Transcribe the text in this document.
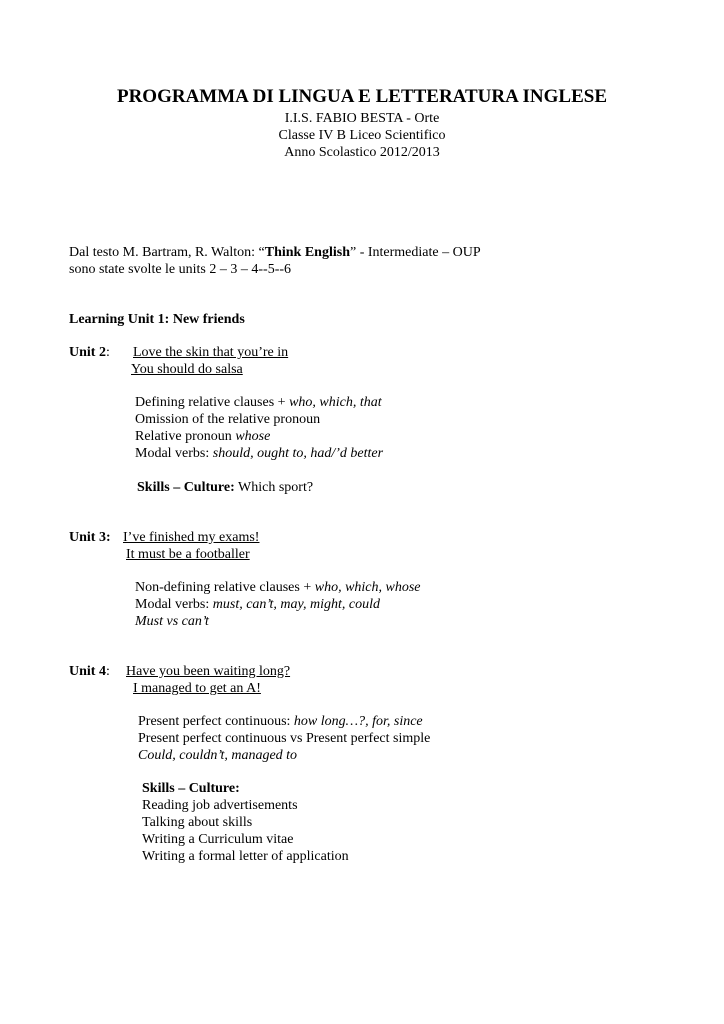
PROGRAMMA DI LINGUA E LETTERATURA INGLESE
I.I.S. FABIO BESTA - Orte
Classe IV B Liceo Scientifico
Anno Scolastico 2012/2013
Dal testo M. Bartram, R. Walton: “Think English” - Intermediate – OUP
sono state svolte le units 2 – 3 – 4--5--6
Learning Unit 1: New friends
Unit 2: Love the skin that you’re in
You should do salsa
Defining relative clauses + who, which, that
Omission of the relative pronoun
Relative pronoun whose
Modal verbs: should, ought to, had/’d better
Skills – Culture: Which sport?
Unit 3: I’ve finished my exams!
It must be a footballer
Non-defining relative clauses + who, which, whose
Modal verbs: must, can’t, may, might, could
Must vs can’t
Unit 4: Have you been waiting long?
I managed to get an A!
Present perfect continuous: how long…?, for, since
Present perfect continuous vs Present perfect simple
Could, couldn’t, managed to
Skills – Culture:
Reading job advertisements
Talking about skills
Writing a Curriculum vitae
Writing a formal letter of application
